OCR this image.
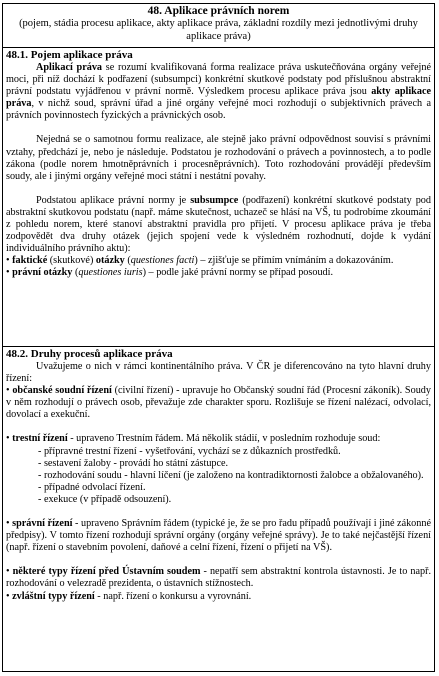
48. Aplikace právních norem
(pojem, stádia procesu aplikace, akty aplikace práva, základní rozdíly mezi jednotlivými druhy aplikace práva)
48.1. Pojem aplikace práva

Aplikací práva se rozumí kvalifikovaná forma realizace práva uskutečňována orgány veřejné moci, při níž dochází k podřazení (subsumpci) konkrétní skutkové podstaty pod příslušnou abstraktní právní podstatu vyjádřenou v právní normě. Výsledkem procesu aplikace práva jsou akty aplikace práva, v nichž soud, správní úřad a jiné orgány veřejné moci rozhodují o subjektivních právech a právních povinnostech fyzických a právnických osob.

Nejedná se o samotnou formu realizace, ale stejně jako právní odpovědnost souvisí s právními vztahy, předchází je, nebo je následuje. Podstatou je rozhodování o právech a povinnostech, a to podle zákona (podle norem hmotněprávních i procesněprávních). Toto rozhodování provádějí především soudy, ale i jinými orgány veřejné moci státní i nestátní povahy.

Podstatou aplikace právní normy je subsumpce (podřazení) konkrétní skutkové podstaty pod abstraktní skutkovou podstatu (např. máme skutečnost, uchazeč se hlásí na VŠ, tu podrobíme zkoumání z pohledu norem, které stanoví abstraktní pravidla pro přijetí. V procesu aplikace práva je třeba zodpovědět dva druhy otázek (jejich spojení vede k výsledném rozhodnutí, dojde k vydání individuálního právního aktu):

• faktické (skutkové) otázky (questiones facti) – zjišťuje se přímím vnímáním a dokazováním.

• právní otázky (questiones iuris) – podle jaké právní normy se případ posoudí.

48.2. Druhy procesů aplikace práva

Uvažujeme o nich v rámci kontinentálního práva. V ČR je diferencováno na tyto hlavní druhy řízení:

• občanské soudní řízení (civilní řízení) - upravuje ho Občanský soudní řád (Procesní zákoník). Soudy v něm rozhodují o právech osob, převažuje zde charakter sporu. Rozlišuje se řízení nalézací, odvolací, dovolací a exekuční.

• trestní řízení - upraveno Trestním řádem. Má několik stádií, v posledním rozhoduje soud:

- přípravné trestní řízení - vyšetřování, vychází se z důkazních prostředků.

- sestavení žaloby - provádí ho státní zástupce.

- rozhodování soudu - hlavní líčení (je založeno na kontradiktornosti žalobce a obžalovaného).

- případné odvolací řízení.

- exekuce (v případě odsouzení).

• správní řízení - upraveno Správním řádem (typické je, že se pro řadu případů používají i jiné zákonné předpisy). V tomto řízení rozhodují správní orgány (orgány veřejné správy). Je to také nejčastější řízení (např. řízení o stavebním povolení, daňové a celní řízení, řízení o přijetí na VŠ).

• některé typy řízení před Ústavním soudem - nepatří sem abstraktní kontrola ústavnosti. Je to např. rozhodování o velezradě prezidenta, o ústavních stížnostech.

• zvláštní typy řízení - např. řízení o konkursu a vyrovnání.
